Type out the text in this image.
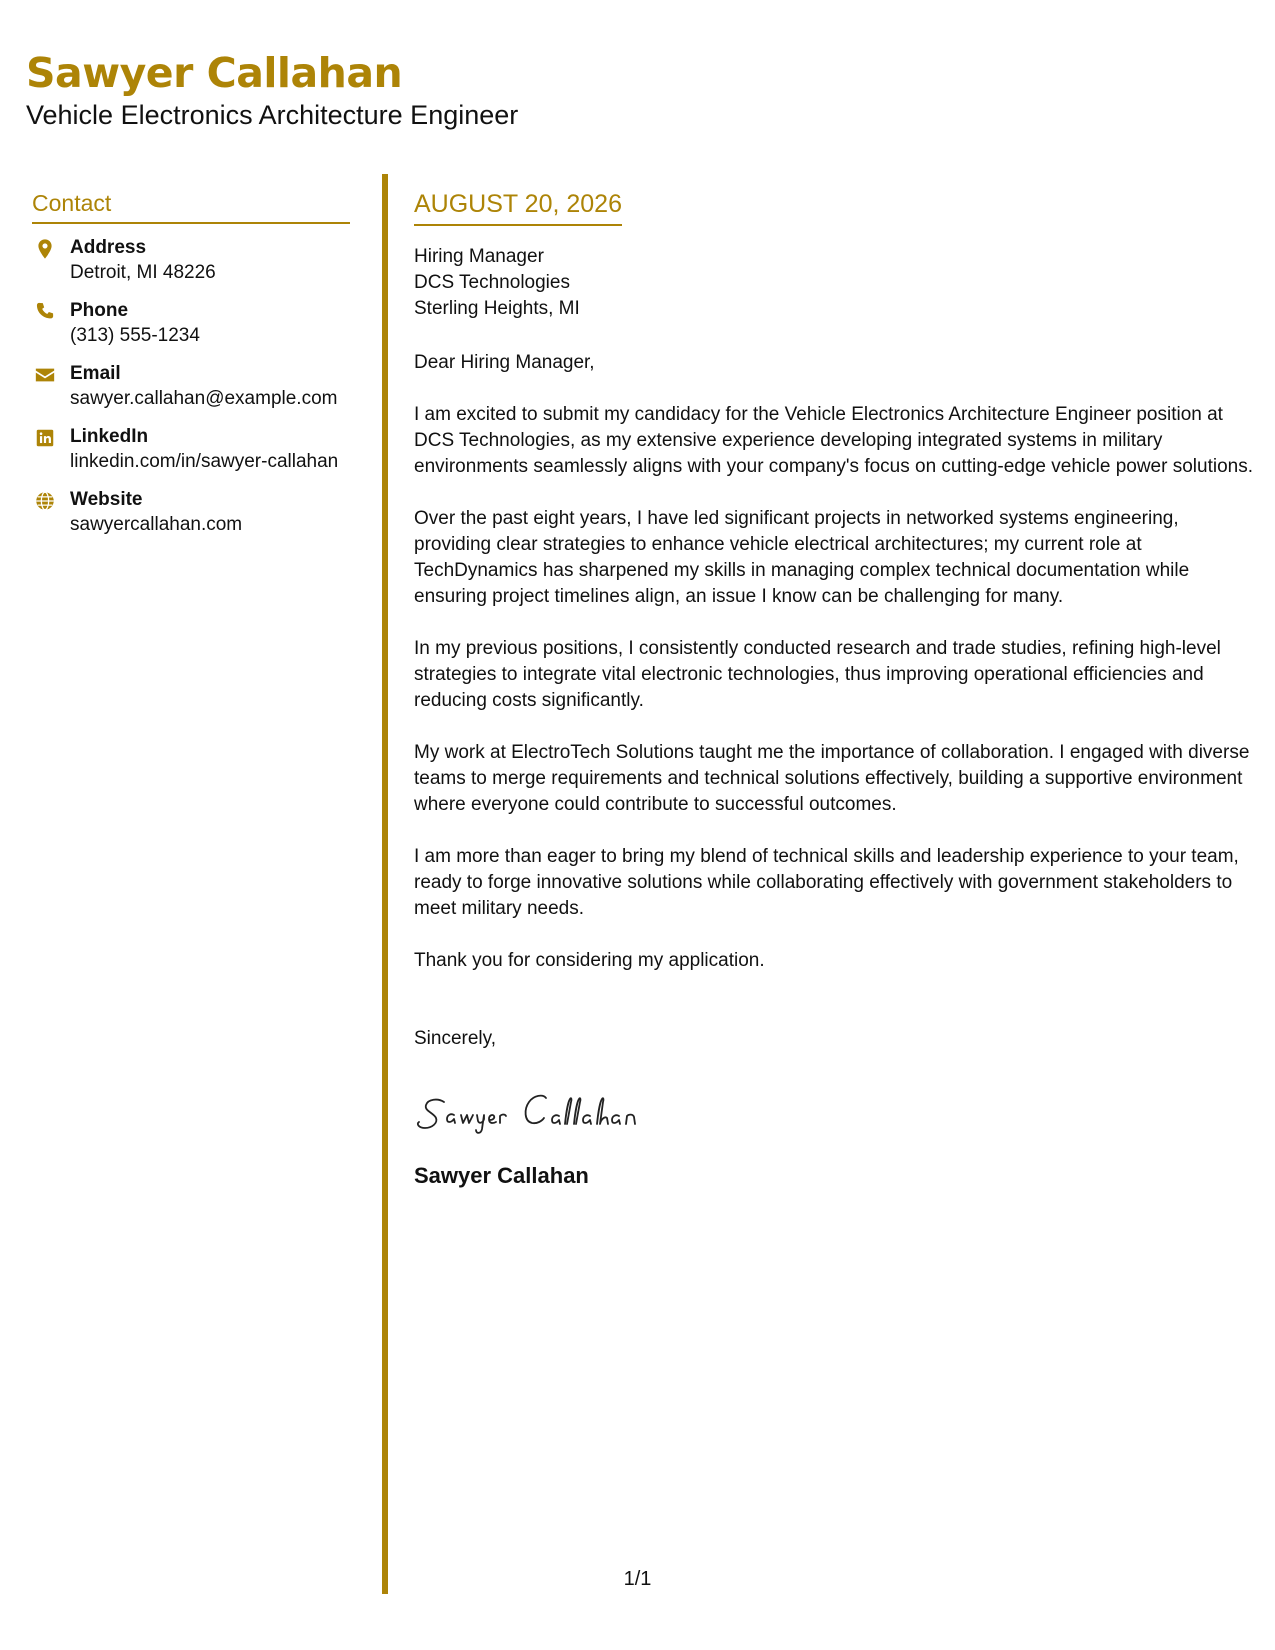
Sawyer Callahan
Vehicle Electronics Architecture Engineer
Contact
Address
Detroit, MI 48226
Phone
(313) 555-1234
Email
sawyer.callahan@example.com
LinkedIn
linkedin.com/in/sawyer-callahan
Website
sawyercallahan.com
AUGUST 20, 2026
Hiring Manager
DCS Technologies
Sterling Heights, MI
Dear Hiring Manager,
I am excited to submit my candidacy for the Vehicle Electronics Architecture Engineer position at DCS Technologies, as my extensive experience developing integrated systems in military environments seamlessly aligns with your company's focus on cutting-edge vehicle power solutions.
Over the past eight years, I have led significant projects in networked systems engineering, providing clear strategies to enhance vehicle electrical architectures; my current role at TechDynamics has sharpened my skills in managing complex technical documentation while ensuring project timelines align, an issue I know can be challenging for many.
In my previous positions, I consistently conducted research and trade studies, refining high-level strategies to integrate vital electronic technologies, thus improving operational efficiencies and reducing costs significantly.
My work at ElectroTech Solutions taught me the importance of collaboration. I engaged with diverse teams to merge requirements and technical solutions effectively, building a supportive environment where everyone could contribute to successful outcomes.
I am more than eager to bring my blend of technical skills and leadership experience to your team, ready to forge innovative solutions while collaborating effectively with government stakeholders to meet military needs.
Thank you for considering my application.
Sincerely,
Sawyer Callahan
1/1
